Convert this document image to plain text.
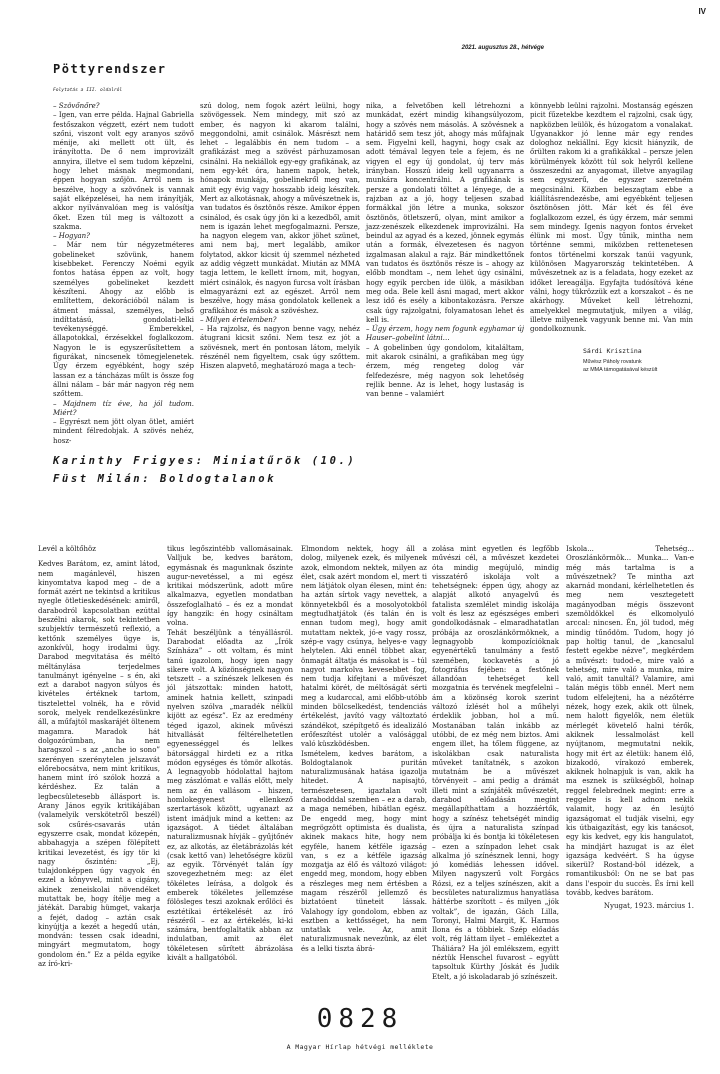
IV
2021. augusztus 28., hétvége
Pöttyrendszer
Folytatás a III. oldalról

– Szövőnőre?

– Igen, van erre példa. Hajnal Gabriella festőszakon végzett, ezért nem tudott szőni, viszont volt egy aranyos szövő ménije, aki mellett ott ült, és irányította. De ő nem improvizált annyira, illetve el sem tudom képzelni, hogy lehet másnak megmondani, éppen hogyan szőjön. Arról nem is beszélve, hogy a szövőnek is vannak saját elképzelései, ha nem irányítják, akkor nyilvánvalóan meg is valósítja őket. Ezen túl meg is változott a szakma.

– Hogyan?

– Már nem túr négyzetméteres gobelineket szövünk, hanem kisebbeket. Ferenczy Noémi egyik fontos hatása éppen az volt, hogy személyes gobelineket kezdett készíteni. Ahogy az előbb is említettem, dekorációból nálam is átment mással, személyes, belső indíttatású, gondolati-lelki tevékenységgé. Emberekkel, állapotokkal, érzésekkel foglalkozom. Nagyon le is egyszerűsítettem a figurákat, nincsenek tömegjelenetek. Úgy érzem egyébként, hogy szép lassan ez a táncházas műlt is össze fog állni nálam – bár már nagyon rég nem szőttem.

– Majdnem tíz éve, ha jól tudom. Miért?

– Egyrészt nem jött olyan ötlet, amiért mindent félredobjak. A szövés nehéz, hosz-

szú dolog, nem fogok azért leülni, hogy szövögessek. Nem mindegy, mit szó az ember, és nagyon ki akarom találni, meggondolni, amit csinálok. Másrészt nem lehet – legalábbis én nem tudom – a grafikázást meg a szövést párhuzamosan csinálni. Ha nekiállok egy-egy grafikának, az nem egy-két óra, hanem napok, hetek, hónapok munkája, gobelinekről meg van, amit egy évig vagy hosszabb ideig készítek. Mert az alkotásnak, ahogy a művészetnek is, van tudatos és ösztönös része. Amikor éppen csinálod, és csak úgy jön ki a kezedből, amit nem is igazán lehet megfogalmazni. Persze, ha nagyon elegem van, akkor jöhet szünet, ami nem baj, mert legalább, amikor folytatod, akkor kicsit új szemmel nézheted az addig végzett munkádat. Miután az MMA tagja lettem, le kellett írnom, mit, hogyan, miért csinálok, és nagyon furcsa volt írásban elmagyarázni ezt az egészet. Arról nem beszélve, hogy mása gondolatok kellenek a grafikához és mások a szövéshez.

– Milyen értelemben?

– Ha rajzolsz, és nagyon benne vagy, nehéz átugrani kicsit szőni. Nem tesz ez jót a szövésnek, mert én pontosan látom, melyik részénél nem figyeltem, csak úgy szőttem. Hiszen alapvető, meghatározó maga a tech-

nika, a felvetőben kell létrehozni a munkádat, ezért mindig kihangsúlyozom, hogy a szövés nem másolás. A szövésnek a határidő sem tesz jót, ahogy más műfajnak sem. Figyelni kell, hagyni, hogy csak az adott témával legyen tele a fejem, és ne vigyen el egy új gondolat, új terv más irányban. Hosszú ideig kell ugyanarra a munkára koncentrálni. A grafikának is persze a gondolati töltet a lényege, de a rajzban az a jó, hogy teljesen szabad formákkal jön létre a munka, sokszor ösztönös, ötletszerű, olyan, mint amikor a jazz-zenészek elkezdenek improvizálni. Ha beindul az agyad és a kezed, jönnek egymás után a formák, élvezetesen és nagyon izgalmasan alakul a rajz. Bár mindkettőnek van tudatos és ösztönös része is – ahogy az előbb mondtam –, nem lehet úgy csinálni, hogy egyik percben ide ülök, a másikban meg oda. Bele kell ásni magad, mert akkor lesz idő és esély a kibontakozásra. Persze csak úgy rajzolgatni, folyamatosan lehet és kell is.

– Úgy érzem, hogy nem fogunk egyhamar új Hauser–gobelint látni…

– A gobelinben úgy gondolom, kitaláltam, mit akarok csinálni, a grafikában meg úgy érzem, még rengeteg dolog vár felfedezésre, még nagyon sok lehetőség rejlik benne. Az is lehet, hogy lustaság is van benne – valamiért

könnyebb leülni rajzolni. Mostanság egészen picit fűzetekbe kezdtem el rajzolni, csak úgy, napközben leülök, és húzogatom a vonalakat. Ugyanakkor jó lenne már egy rendes dologhoz nekiállni. Egy kicsit hiányzik, de őrülten rakom ki a grafikákkal – persze jelen körülmények között túl sok helyről kellene összeszedni az anyagomat, illetve anyagilag sem egyszerű, de egyszer szeretném megcsinálni. Közben beleszagtam ebbe a kiállításrendezésbe, ami egyébként teljesen ösztönösen jött. Már két és fél éve foglalkozom ezzel, és úgy érzem, már semmi sem mindegy. Igenis nagyon fontos érveket élünk mi most. Úgy tűnik, mintha nem történne semmi, miközben rettenetesen fontos történelmi korszak tanúi vagyunk, különösen Magyarország tekintetében. A művészetnek az is a feladata, hogy ezeket az időket lereagálja. Egyfajta tudósítóvá kéne válni, hogy tükrözzük ezt a korszakot – és ne akárhogy. Műveket kell létrehozni, amelyekkel megmutatjuk, milyen a világ, illetve milyenek vagyunk benne mi. Van min gondolkoznunk.

Sárdi Krisztina
Művész Páholy rovatunk
az MMA támogatásával készült
Karinthy Frigyes: Miniatűrök (10.)
Füst Milán: Boldogtalanok

Levél a költőhöz

Kedves Barátom, ez, amint látod, nem magánlevél, hiszen kinyomtatva kapod meg – de a formát azért ne tekintsd a kritikus nyegle ötletieskedésének: amiről, darabodról kapcsolatban ezúttal beszélni akarok, sok tekintetben szubjektív természetű reflexió, a kettőnk személyes ügye is, azonkívül, hogy irodalmi ügy. Darabod megvitatása és méltó méltánylása terjedelmes tanulmányt igényelne – s én, aki ezt a darabot nagyon súlyos és kivételes értéknek tartom, tisztelettel volnék, ha e rövid sorok, melyek rendelkezésünkre áll, a műfajtól maskarájét öltenem magamra. Maradok hát dolgozórúmban, ha nem haragszol – s az „anche io sono” szerényen szerénytelen jelszavát előrebocsátva, nem mint kritikus, hanem mint író szólok hozzá a kérdéshez. Ez talán a legbecsületesebb állásport is. Arany János egyik kritikájában (valamelyik verskötetről beszél) sok csűrés-csavarás után egyszerre csak, mondat közepén, abbahagyja a szépen fölépített kritikai levezetést, és így tör ki nagy őszintén: „Ej, tulajdonképpen úgy vagyok én ezzel a könyvvel, mint a cigány, akinek zeneiskolai növendéket mutattak be, hogy ítélje meg a játékát. Darabig hümget, vakarja a fejét, dadog – aztán csak kinyújtja a kezét a hegedű után, mondván: tessen csak ideadni, mingyárt megmutatom, hogy gondolom én.” Ez a példa egyike az író-kri-

tikus legőszintébb vallomásainak. Valljuk be, kedves barátom, egymásnak és magunknak őszinte augur-nevetéssel, a mi egész kritikai módszerünk, adott műre alkalmazva, egyetlen mondatban összefoglalható – és ez a mondat így hangzik: én hogy csináltam volna.

Tehát beszéljünk a tényállásról. Darabodat előadta az „Írók Színháza” – ott voltam, és mint tanú igazolom, hogy igen nagy sikere volt. A közönségnek nagyon tetszett – a színészek lelkesen és jól játszottak: minden hatott, aminek hatnia kellett, szinpadi nyelven szólva „maradék nélkül kijött az egész”. Ez az eredmény téged igazol, akinek művészi hitvallását féltérelhetetlen egyenességgel és lelkes bátorsággal hirdeti ez a ritka módon egységes és tömör alkotás. A legnagyobb hódolattal hajtom meg zászlómat e vallás előtt, mely nem az én vallásom – hiszen, homlokegyenest ellenkező szertartások között, ugyanazt az istent imádjuk mind a ketten: az igazságot. A tiédet általában naturalizmusnak hívják – gyűjtőnév ez, az alkotás, az életábrázolás két (csak kettő van) lehetőségre közül az egyik. Törvényét talán így szovegezhetném meg: az élet tökéletes leírása, a dolgok és emberek tökéletes jellemzése fölösleges teszi azoknak erőlöci és esztétikai értékelését az író részéről – ez az értékelés, ki-ki számára, bentfoglaltatik abban az indulatban, amit az élet tökéletesen sűrített ábrázolása kivált a hallgatóból.

Elmondom nektek, hogy áll a dolog, milyenek ezek, és milyenek azok, elmondom nektek, milyen az élet, csak azért mondom el, mert ti nem látjátok olyan élesen, mint én: ha aztán sírtok vagy nevettek, a könnyetekből és a mosolyotokból megtudhatjátok (és talán én is ennan tudom meg), hogy amit mutattam nektek, jó-e vagy rossz, szép-e vagy csúnya, helyes-e vagy helytelen. Aki ennél többet akar, önmagát áltatja és másokat is – túl nagyot markolva kevesebbet fog, nem tudja kifejtani a művészet hatalmi körét, de méltóságát sérti meg a kudarccal, ami előbb-utóbb minden bölcselkedést, tendenciás értékelést, javító vagy változtató szándékot, szépítgető és idealizáló erőfeszítést utolér a valósággal való küszködésben.

Ismételem, kedves barátom, a Boldogtalanok puritán naturalizmusának hatása igazolja hitedet. A napisajtó, természetesen, igaztalan volt darabodddal szemben – ez a darab, a maga nemében, hibátlan egész. De engedd meg, hogy mint megrögzött optimista és dualista, akinek makacs hite, hogy nem egyféle, hanem kétféle igazság van, s ez a kétféle igazság mozgatja az élő és változó világot: engedd meg, mondom, hogy ebben a részleges meg nem értésben a magam részéről jellemző és biztatóent tüneteit lássak. Valahogy így gondolom, ebben az esztben a kettősséget, ha nem untatlak vele. Az, amit naturalizmusnak nevezünk, az élet és a lelki tiszta ábrá-

zolása mint egyetlen és legfőbb művészi cél, a művészet kezdetei óta mindig megújuló, mindig visszatérő iskolája volt a tehetségnek: éppen úgy, ahogy az alapját alkotó anyagelvű és fatalista szemlélet mindig iskolája volt és lesz az egészséges emberi gondolkodásnak – elmaradhatatlan próbája az oroszlánkörmöknek, a legnagyobb kompozícióknak egyenértékű tanulmány a festő szemében, kockavetés a jó fotográfus fejében: a festőnek állandóan tehetséget kell mozgatnia és tervének megfelelni – ám a közönség korok szerint változó ízlését hol a műhelyi érdeklik jobban, hol a mű. Mostanában talán inkább az utóbbi, de ez még nem biztos. Ami engem illet, ha tőlem függene, az iskolákban csak naturalista műveket tanítatnék, s azokon mutatnám be a művészet törvényeit – ami pedig a drámát illeti mint a színjáték művészetét, darabod előadásán megint megállapíthattam a hozzáértők, hogy a színész tehetségét mindig és újra a naturalista színpad próbálja ki és bontja ki tökéletesen – ezen a színpadon lehet csak alkalma jó színésznek lenni, hogy jó komédiás lehessen idővel. Milyen nagyszerű volt Forgács Rózsi, ez a teljes színészen, akit a becsületes naturalizmus hanyatlása háttérbe szorított – és milyen „jók voltak”, de igazán, Gách Lilla, Toronyi, Halmi Margit, K. Harmos Ilona és a többiek. Szép előadás volt, rég láttam ilyet – emlékeztet a Tháliára? Ha jól emlékszem, egyitt néztük Henschel fuvarost – együtt tapsoltuk Kürthy Jóskát és Judik Etelt, a jó iskoladarab jó színészeit.

Iskola... Tehetség... Oroszlánkörmök... Munka... Van-e még más tartalma is a művészetnek? Te mintha azt akarnád mondani, kérlelhetetlen és meg nem vesztegetett magányodban mégis összevont szemöldökkel és elkomolyuló arccal: nincsen. Én, jól tudod, még mindig tűnődöm. Tudom, hogy jó pap holtig tanul, de „kancsalul festett egekbe nézve”, megkérdem a művészt: tudod-e, mire való a tehetség, mire való a munka, mire való, amit tanultál? Valamire, ami talán mégis több ennél. Mert nem tudom elfelejteni, ha a nézőtérre nézek, hogy ezek, akik ott ülnek, nem halott figyelők, nem életük mérlegét követelő halni térők, akiknek lessalmolást kell nyújtanom, megmutatni nekik, hogy mit ért az életük: hanem élő, bizakodó, vírakozó emberek, akiknek holnapjuk is van, akik ha ma esznek is szükségből, holnap reggel felebrednek megint: erre a reggelre is kell adnom nekik valamit, hogy az én lesújtó igazságomat el tudják viselni, egy kis útbaigazítást, egy kis tanácsot, egy kis kedvet, egy kis hangulatot, ha mindjárt hazugat is az élet igazsága kedvéért. S ha úgyse sikerül? Rostand-ból idézek, a romantikusból: On ne se bat pas dans l'espoir du succès. És írni kell tovább, kedves barátom.

Nyugat, 1923. március 1.

0828
A Magyar Hírlap hétvégi melléklete
